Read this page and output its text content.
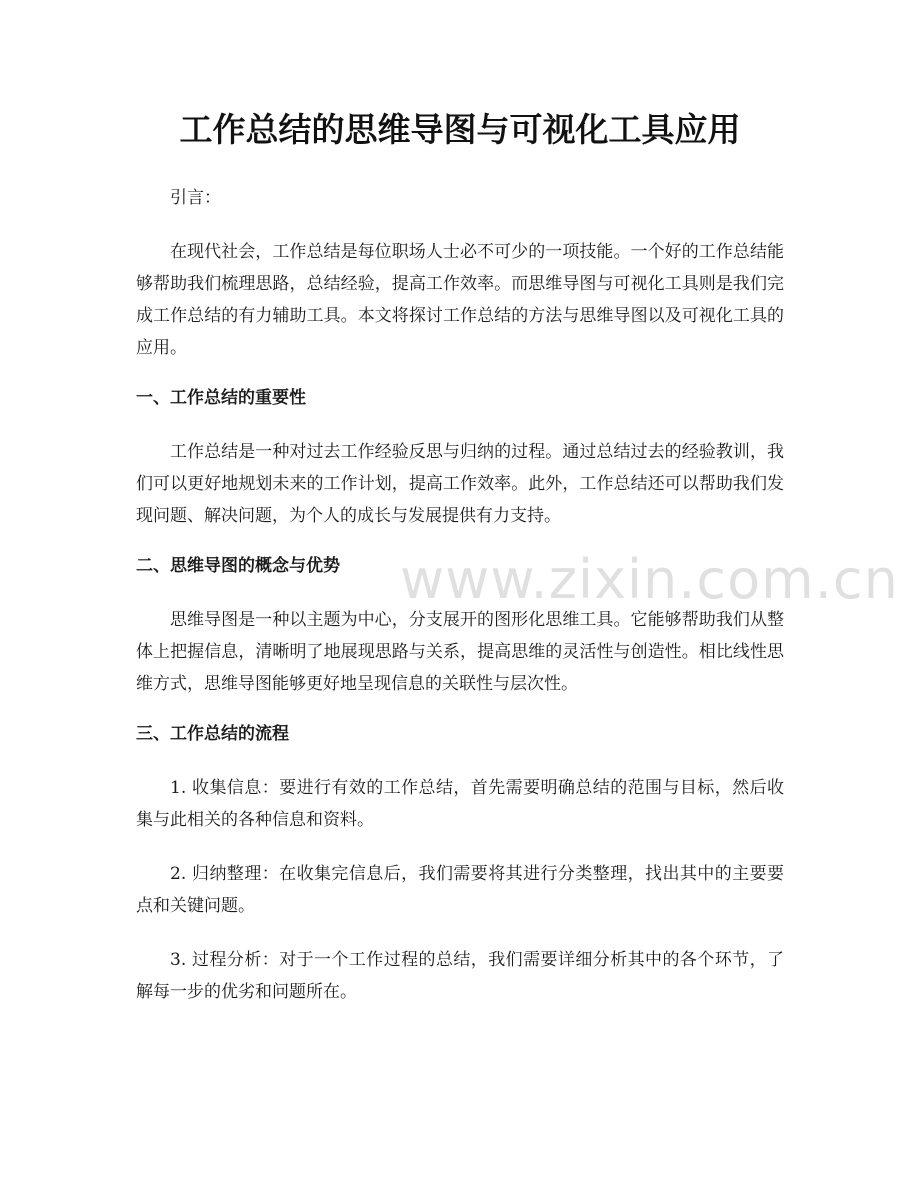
工作总结的思维导图与可视化工具应用

引言：

在现代社会，工作总结是每位职场人士必不可少的一项技能。一个好的工作总结能够帮助我们梳理思路，总结经验，提高工作效率。而思维导图与可视化工具则是我们完成工作总结的有力辅助工具。本文将探讨工作总结的方法与思维导图以及可视化工具的应用。

一、工作总结的重要性

工作总结是一种对过去工作经验反思与归纳的过程。通过总结过去的经验教训，我们可以更好地规划未来的工作计划，提高工作效率。此外，工作总结还可以帮助我们发现问题、解决问题，为个人的成长与发展提供有力支持。

二、思维导图的概念与优势

思维导图是一种以主题为中心，分支展开的图形化思维工具。它能够帮助我们从整体上把握信息，清晰明了地展现思路与关系，提高思维的灵活性与创造性。相比线性思维方式，思维导图能够更好地呈现信息的关联性与层次性。

三、工作总结的流程

1. 收集信息：要进行有效的工作总结，首先需要明确总结的范围与目标，然后收集与此相关的各种信息和资料。

2. 归纳整理：在收集完信息后，我们需要将其进行分类整理，找出其中的主要要点和关键问题。

3. 过程分析：对于一个工作过程的总结，我们需要详细分析其中的各个环节，了解每一步的优劣和问题所在。

www.zixin.com.cn
